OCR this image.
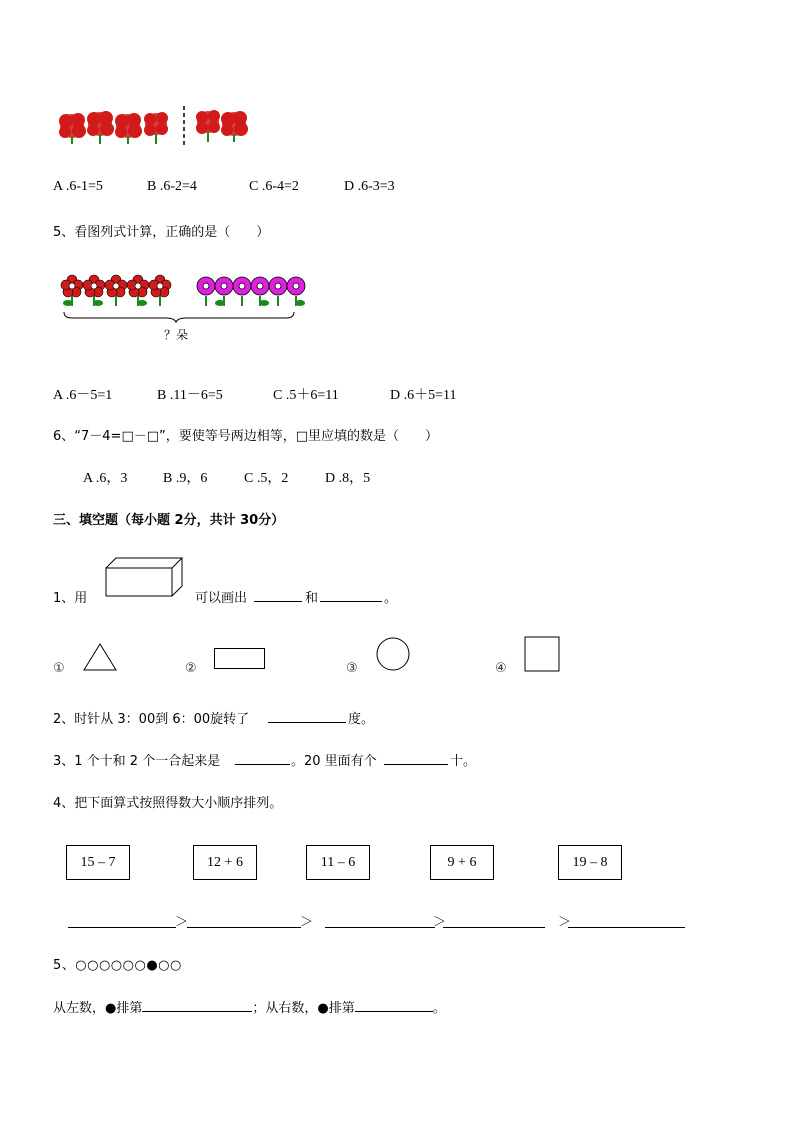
A .6-1=5	B .6-2=4	C .6-4=2	D .6-3=3
5、看图列式计算，正确的是（　　）
？朵
A .6－5=1	B .11－6=5	C .5＋6=11	D .6＋5=11
6、“7－4=□－□”，要使等号两边相等，□里应填的数是（　　）
A .6，3	B .9，6	C .5，2	D .8，5
三、填空题（每小题 2分，共计 30分）
1、用	可以画出	和	。
①	②	③	④
2、时针从 3：00到 6：00旋转了	度。
3、1 个十和 2 个一合起来是	。20 里面有个	十。
4、把下面算式按照得数大小顺序排列。
15 – 7	12 + 6	11 – 6	9 + 6	19 – 8
＞	＞	＞	＞
5、○○○○○○●○○
从左数，●排第	；从右数，●排第	。
